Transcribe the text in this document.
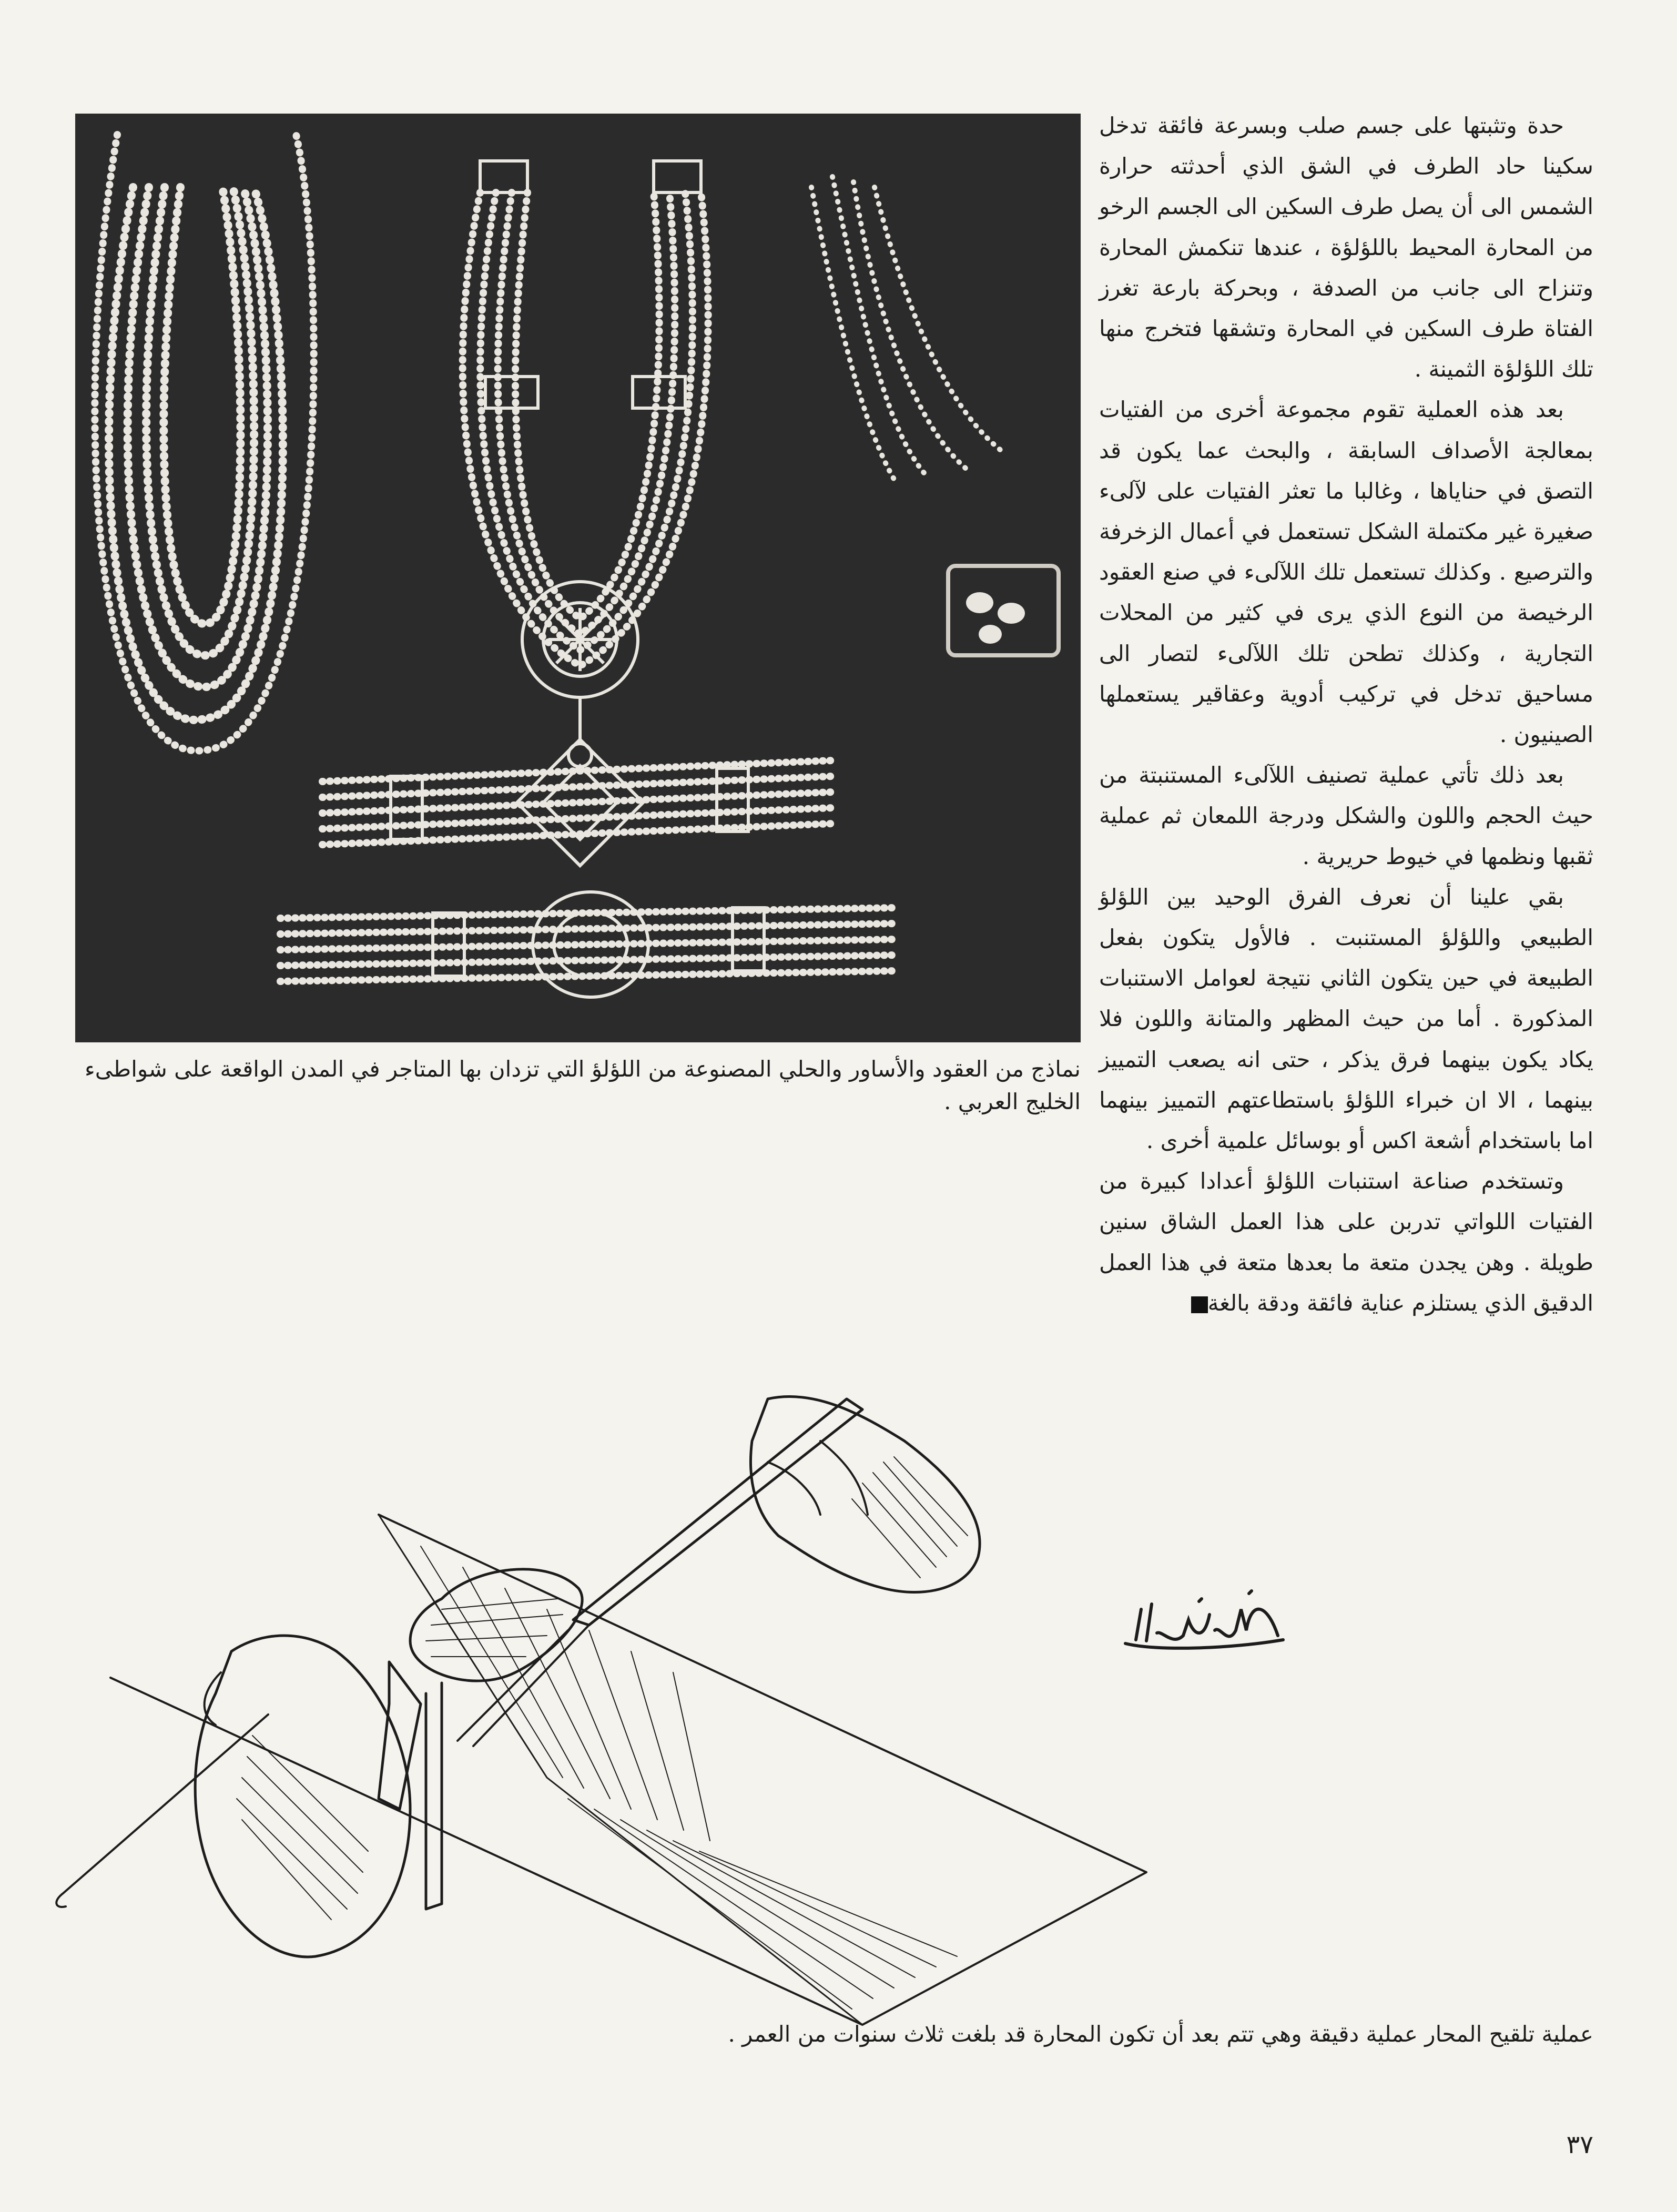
حدة وتثبتها على جسم صلب وبسرعة فائقة تدخل سكينا حاد الطرف في الشق الذي أحدثته حرارة الشمس الى أن يصل طرف السكين الى الجسم الرخو من المحارة المحيط باللؤلؤة ، عندها تنكمش المحارة وتنزاح الى جانب من الصدفة ، وبحركة بارعة تغرز الفتاة طرف السكين في المحارة وتشقها فتخرج منها تلك اللؤلؤة الثمينة .

بعد هذه العملية تقوم مجموعة أخرى من الفتيات بمعالجة الأصداف السابقة ، والبحث عما يكون قد التصق في حناياها ، وغالبا ما تعثر الفتيات على لآلىء صغيرة غير مكتملة الشكل تستعمل في أعمال الزخرفة والترصيع . وكذلك تستعمل تلك اللآلىء في صنع العقود الرخيصة من النوع الذي يرى في كثير من المحلات التجارية ، وكذلك تطحن تلك اللآلىء لتصار الى مساحيق تدخل في تركيب أدوية وعقاقير يستعملها الصينيون .

بعد ذلك تأتي عملية تصنيف اللآلىء المستنبتة من حيث الحجم واللون والشكل ودرجة اللمعان ثم عملية ثقبها ونظمها في خيوط حريرية .

بقي علينا أن نعرف الفرق الوحيد بين اللؤلؤ الطبيعي واللؤلؤ المستنبت . فالأول يتكون بفعل الطبيعة في حين يتكون الثاني نتيجة لعوامل الاستنبات المذكورة . أما من حيث المظهر والمتانة واللون فلا يكاد يكون بينهما فرق يذكر ، حتى انه يصعب التمييز بينهما ، الا ان خبراء اللؤلؤ باستطاعتهم التمييز بينهما اما باستخدام أشعة اكس أو بوسائل علمية أخرى .

وتستخدم صناعة استنبات اللؤلؤ أعدادا كبيرة من الفتيات اللواتي تدربن على هذا العمل الشاق سنين طويلة . وهن يجدن متعة ما بعدها متعة في هذا العمل الدقيق الذي يستلزم عناية فائقة ودقة بالغة

نماذج من العقود والأساور والحلي المصنوعة من اللؤلؤ التي تزدان بها المتاجر في المدن الواقعة على شواطىء الخليج العربي .
عملية تلقيح المحار عملية دقيقة وهي تتم بعد أن تكون المحارة قد بلغت ثلاث سنوات من العمر .
٣٧
